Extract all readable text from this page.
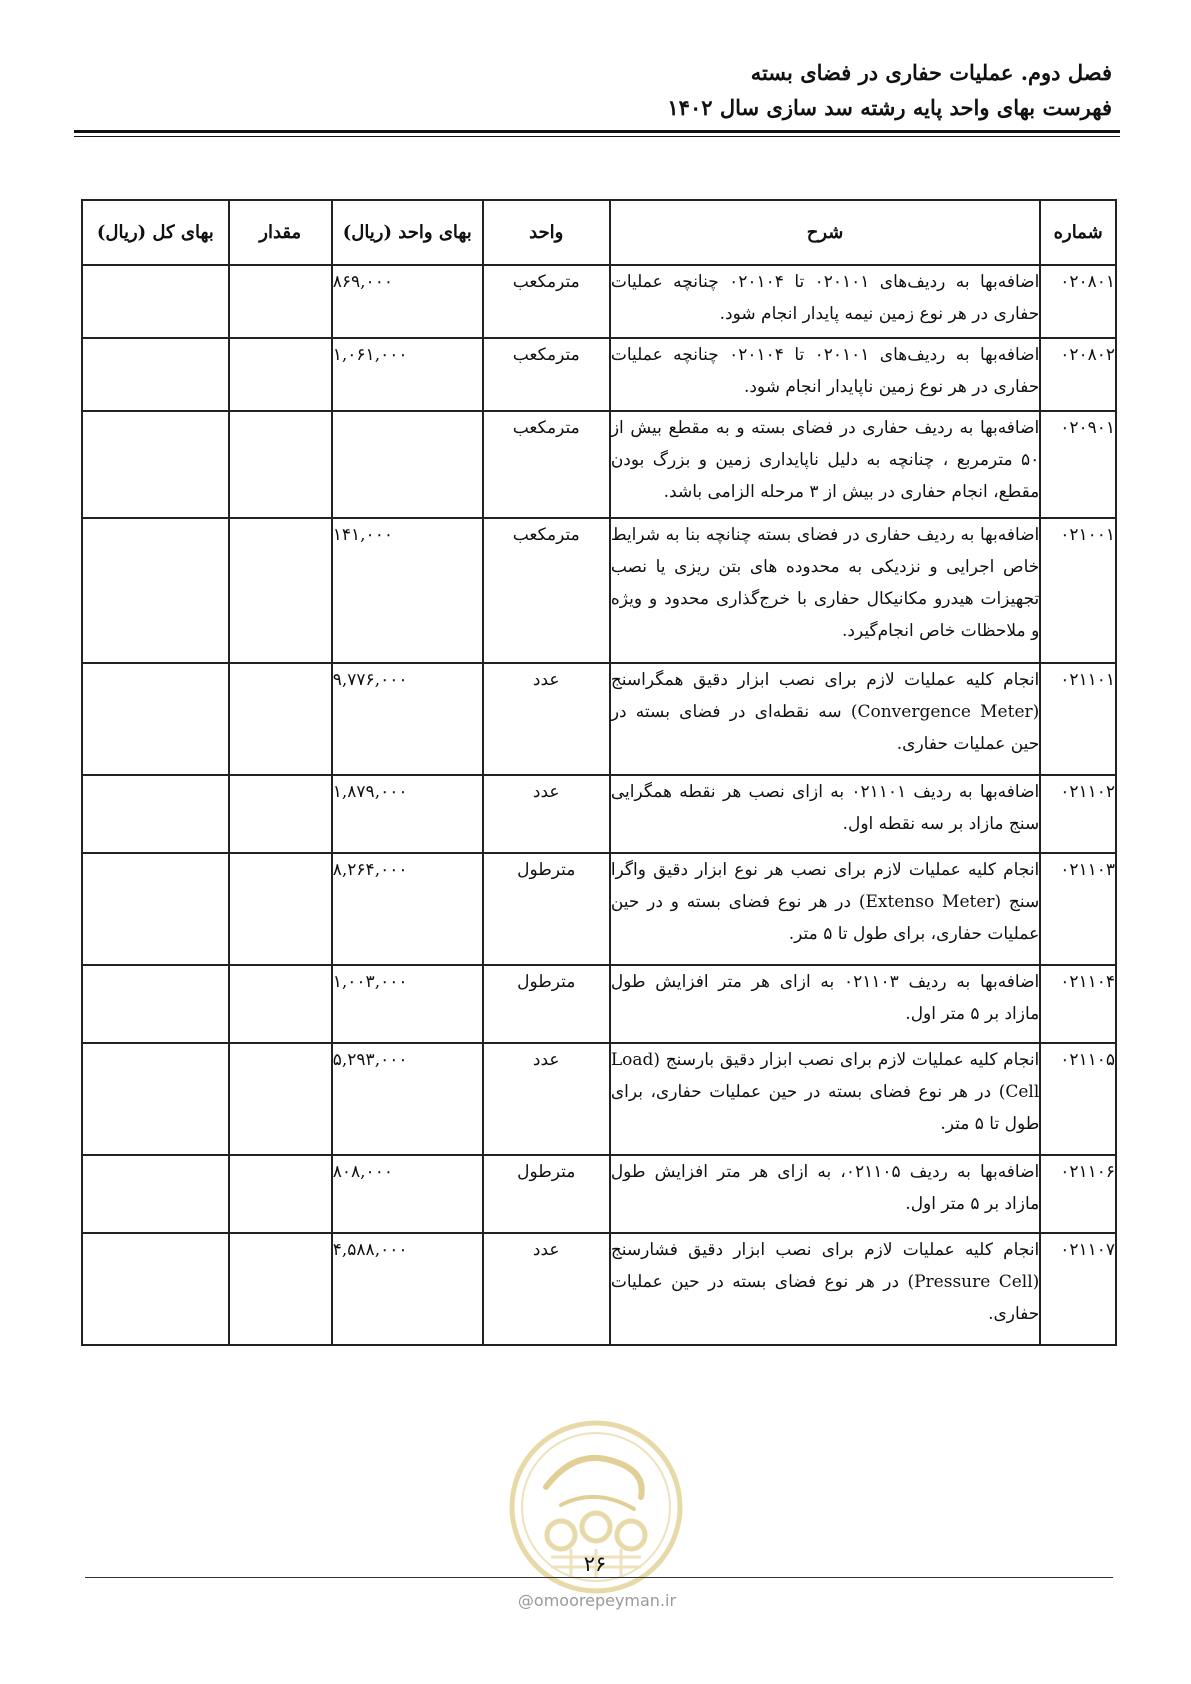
فصل دوم. عملیات حفاری در فضای بسته
فهرست بهای واحد پایه رشته سد سازی سال ۱۴۰۲
شماره	شرح	واحد	بهای واحد (ریال)	مقدار	بهای کل (ریال)
۰۲۰۸۰۱	اضافه‌بها به ردیف‌های ۰۲۰۱۰۱ تا ۰۲۰۱۰۴ چنانچه عملیات حفاری در هر نوع زمین نیمه پایدار انجام شود.	مترمکعب	۸۶۹,۰۰۰		
۰۲۰۸۰۲	اضافه‌بها به ردیف‌های ۰۲۰۱۰۱ تا ۰۲۰۱۰۴ چنانچه عملیات حفاری در هر نوع زمین ناپایدار انجام شود.	مترمکعب	۱,۰۶۱,۰۰۰		
۰۲۰۹۰۱	اضافه‌بها به ردیف حفاری در فضای بسته و به مقطع بیش از ۵۰ مترمربع ، چنانچه به دلیل ناپایداری زمین و بزرگ بودن مقطع، انجام حفاری در بیش از ۳ مرحله الزامی باشد.	مترمکعب			
۰۲۱۰۰۱	اضافه‌بها به ردیف حفاری در فضای بسته چنانچه بنا به شرایط خاص اجرایی و نزدیکی به محدوده های بتن ریزی یا نصب تجهیزات هیدرو مکانیکال حفاری با خرج‌گذاری محدود و ویژه و ملاحظات خاص انجام‌گیرد.	مترمکعب	۱۴۱,۰۰۰		
۰۲۱۱۰۱	انجام کلیه عملیات لازم برای نصب ابزار دقیق همگراسنج (Convergence Meter) سه نقطه‌ای در فضای بسته در حین عملیات حفاری.	عدد	۹,۷۷۶,۰۰۰		
۰۲۱۱۰۲	اضافه‌بها به ردیف ۰۲۱۱۰۱ به ازای نصب هر نقطه همگرایی سنج مازاد بر سه نقطه اول.	عدد	۱,۸۷۹,۰۰۰		
۰۲۱۱۰۳	انجام کلیه عملیات لازم برای نصب هر نوع ابزار دقیق واگرا سنج (Extenso Meter) در هر نوع فضای بسته و در حین عملیات حفاری، برای طول تا ۵ متر.	مترطول	۸,۲۶۴,۰۰۰		
۰۲۱۱۰۴	اضافه‌بها به ردیف ۰۲۱۱۰۳ به ازای هر متر افزایش طول مازاد بر ۵ متر اول.	مترطول	۱,۰۰۳,۰۰۰		
۰۲۱۱۰۵	انجام کلیه عملیات لازم برای نصب ابزار دقیق بارسنج (Load Cell) در هر نوع فضای بسته در حین عملیات حفاری، برای طول تا ۵ متر.	عدد	۵,۲۹۳,۰۰۰		
۰۲۱۱۰۶	اضافه‌بها به ردیف ۰۲۱۱۰۵، به ازای هر متر افزایش طول مازاد بر ۵ متر اول.	مترطول	۸۰۸,۰۰۰		
۰۲۱۱۰۷	انجام کلیه عملیات لازم برای نصب ابزار دقیق فشارسنج (Pressure Cell) در هر نوع فضای بسته در حین عملیات حفاری.	عدد	۴,۵۸۸,۰۰۰		
۲۶
@omoorepeyman.ir
